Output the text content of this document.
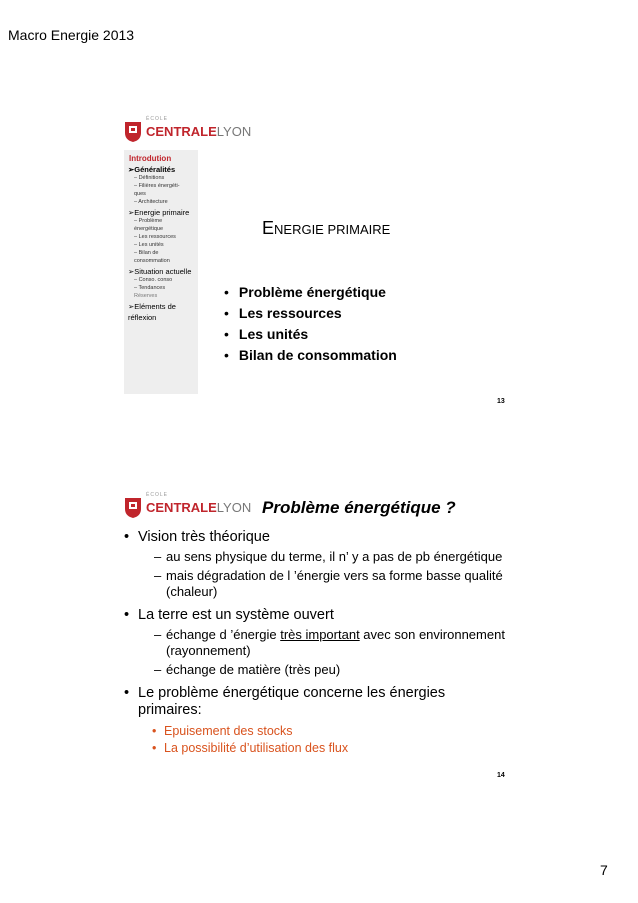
Macro Energie 2013
ÉCOLE
CENTRALELYON
Introdution
➢Généralités
– Définitions
– Filières énergéti-
ques
– Architecture
➢Energie primaire
– Problème
énergétique
– Les ressources
– Les unités
– Bilan de
consommation
➢Situation actuelle
– Conso. conso
– Tendances
Réserves
➢Eléments de
réflexion
ENERGIE PRIMAIRE
• Problème énergétique
• Les ressources
• Les unités
• Bilan de consommation
13
ÉCOLE
CENTRALELYON Problème énergétique ?
• Vision très théorique
– au sens physique du terme, il n’ y a pas de pb énergétique
– mais dégradation de l ’énergie vers sa forme basse qualité (chaleur)
• La terre est un système ouvert
– échange d ’énergie très important avec son environnement (rayonnement)
– échange de matière (très peu)
• Le problème énergétique concerne les énergies primaires:
• Epuisement des stocks
• La possibilité d’utilisation des flux
14
7
